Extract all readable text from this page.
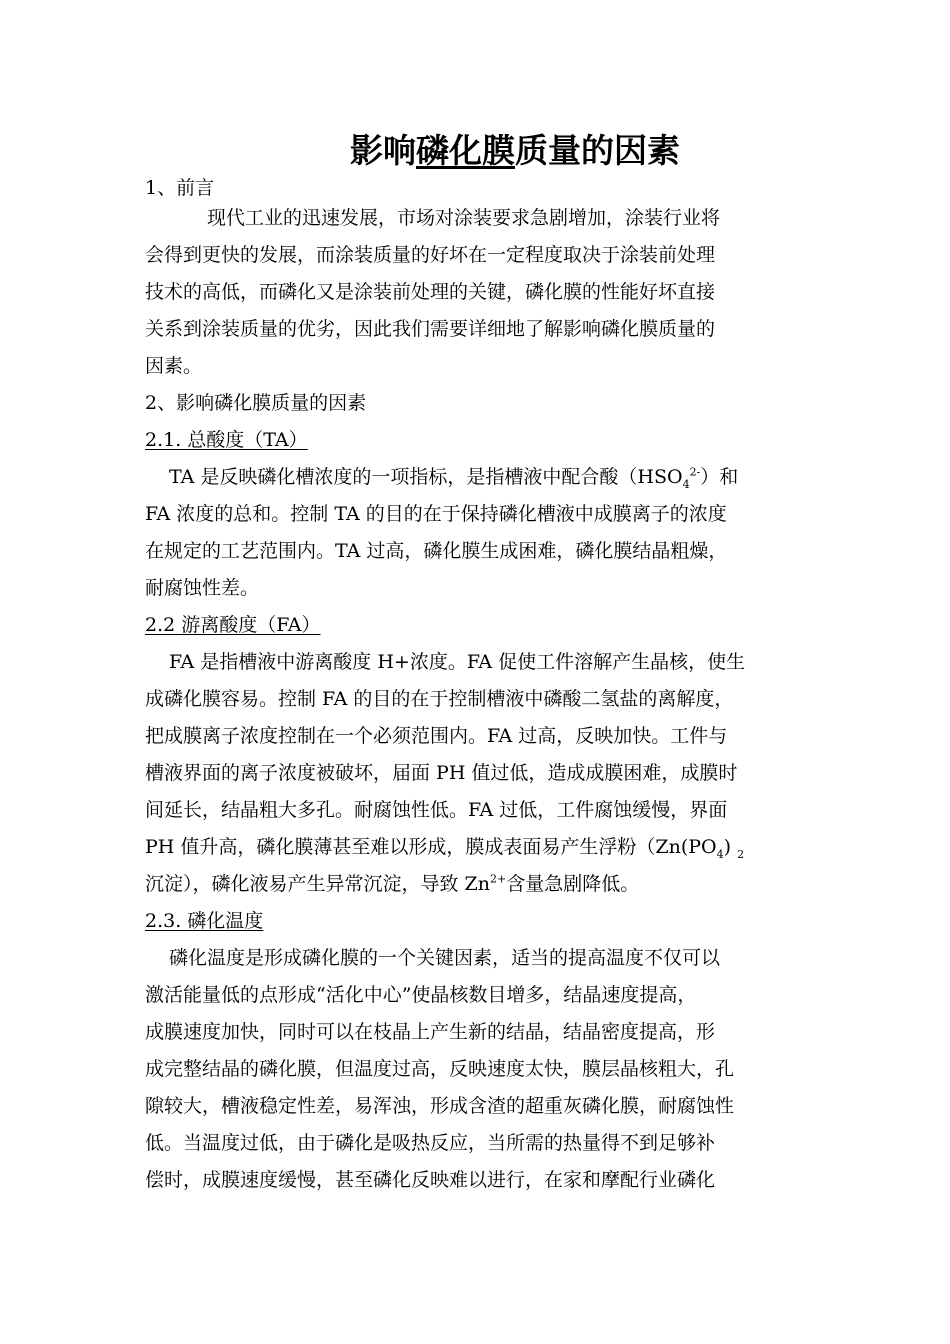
影响磷化膜质量的因素
1、前言

现代工业的迅速发展，市场对涂装要求急剧增加，涂装行业将
会得到更快的发展，而涂装质量的好坏在一定程度取决于涂装前处理
技术的高低，而磷化又是涂装前处理的关键，磷化膜的性能好坏直接
关系到涂装质量的优劣，因此我们需要详细地了解影响磷化膜质量的
因素。

2、影响磷化膜质量的因素
2.1. 总酸度（TA）

TA 是反映磷化槽浓度的一项指标，是指槽液中配合酸$(HSO_4^{2-})$和
FA 浓度的总和。控制 TA 的目的在于保持磷化槽液中成膜离子的浓度
在规定的工艺范围内。TA 过高，磷化膜生成困难，磷化膜结晶粗燥，
耐腐蚀性差。

2.2 游离酸度（FA）

FA 是指槽液中游离酸度 H+浓度。FA 促使工件溶解产生晶核，使生
成磷化膜容易。控制 FA 的目的在于控制槽液中磷酸二氢盐的离解度，
把成膜离子浓度控制在一个必须范围内。FA 过高，反映加快。工件与
槽液界面的离子浓度被破坏，届面 PH 值过低，造成成膜困难，成膜时
间延长，结晶粗大多孔。耐腐蚀性低。FA 过低，工件腐蚀缓慢，界面
PH 值升高，磷化膜薄甚至难以形成，膜成表面易产生浮粉（$Zn(PO_4)$ $_2$
沉淀），磷化液易产生异常沉淀，导致 $Zn^{2+}$含量急剧降低。

2.3. 磷化温度

磷化温度是形成磷化膜的一个关键因素，适当的提高温度不仅可以
激活能量低的点形成“活化中心”使晶核数目增多，结晶速度提高，
成膜速度加快，同时可以在枝晶上产生新的结晶，结晶密度提高，形
成完整结晶的磷化膜，但温度过高，反映速度太快，膜层晶核粗大，孔
隙较大，槽液稳定性差，易浑浊，形成含渣的超重灰磷化膜，耐腐蚀性
低。当温度过低，由于磷化是吸热反应，当所需的热量得不到足够补
偿时，成膜速度缓慢，甚至磷化反映难以进行，在家和摩配行业磷化
